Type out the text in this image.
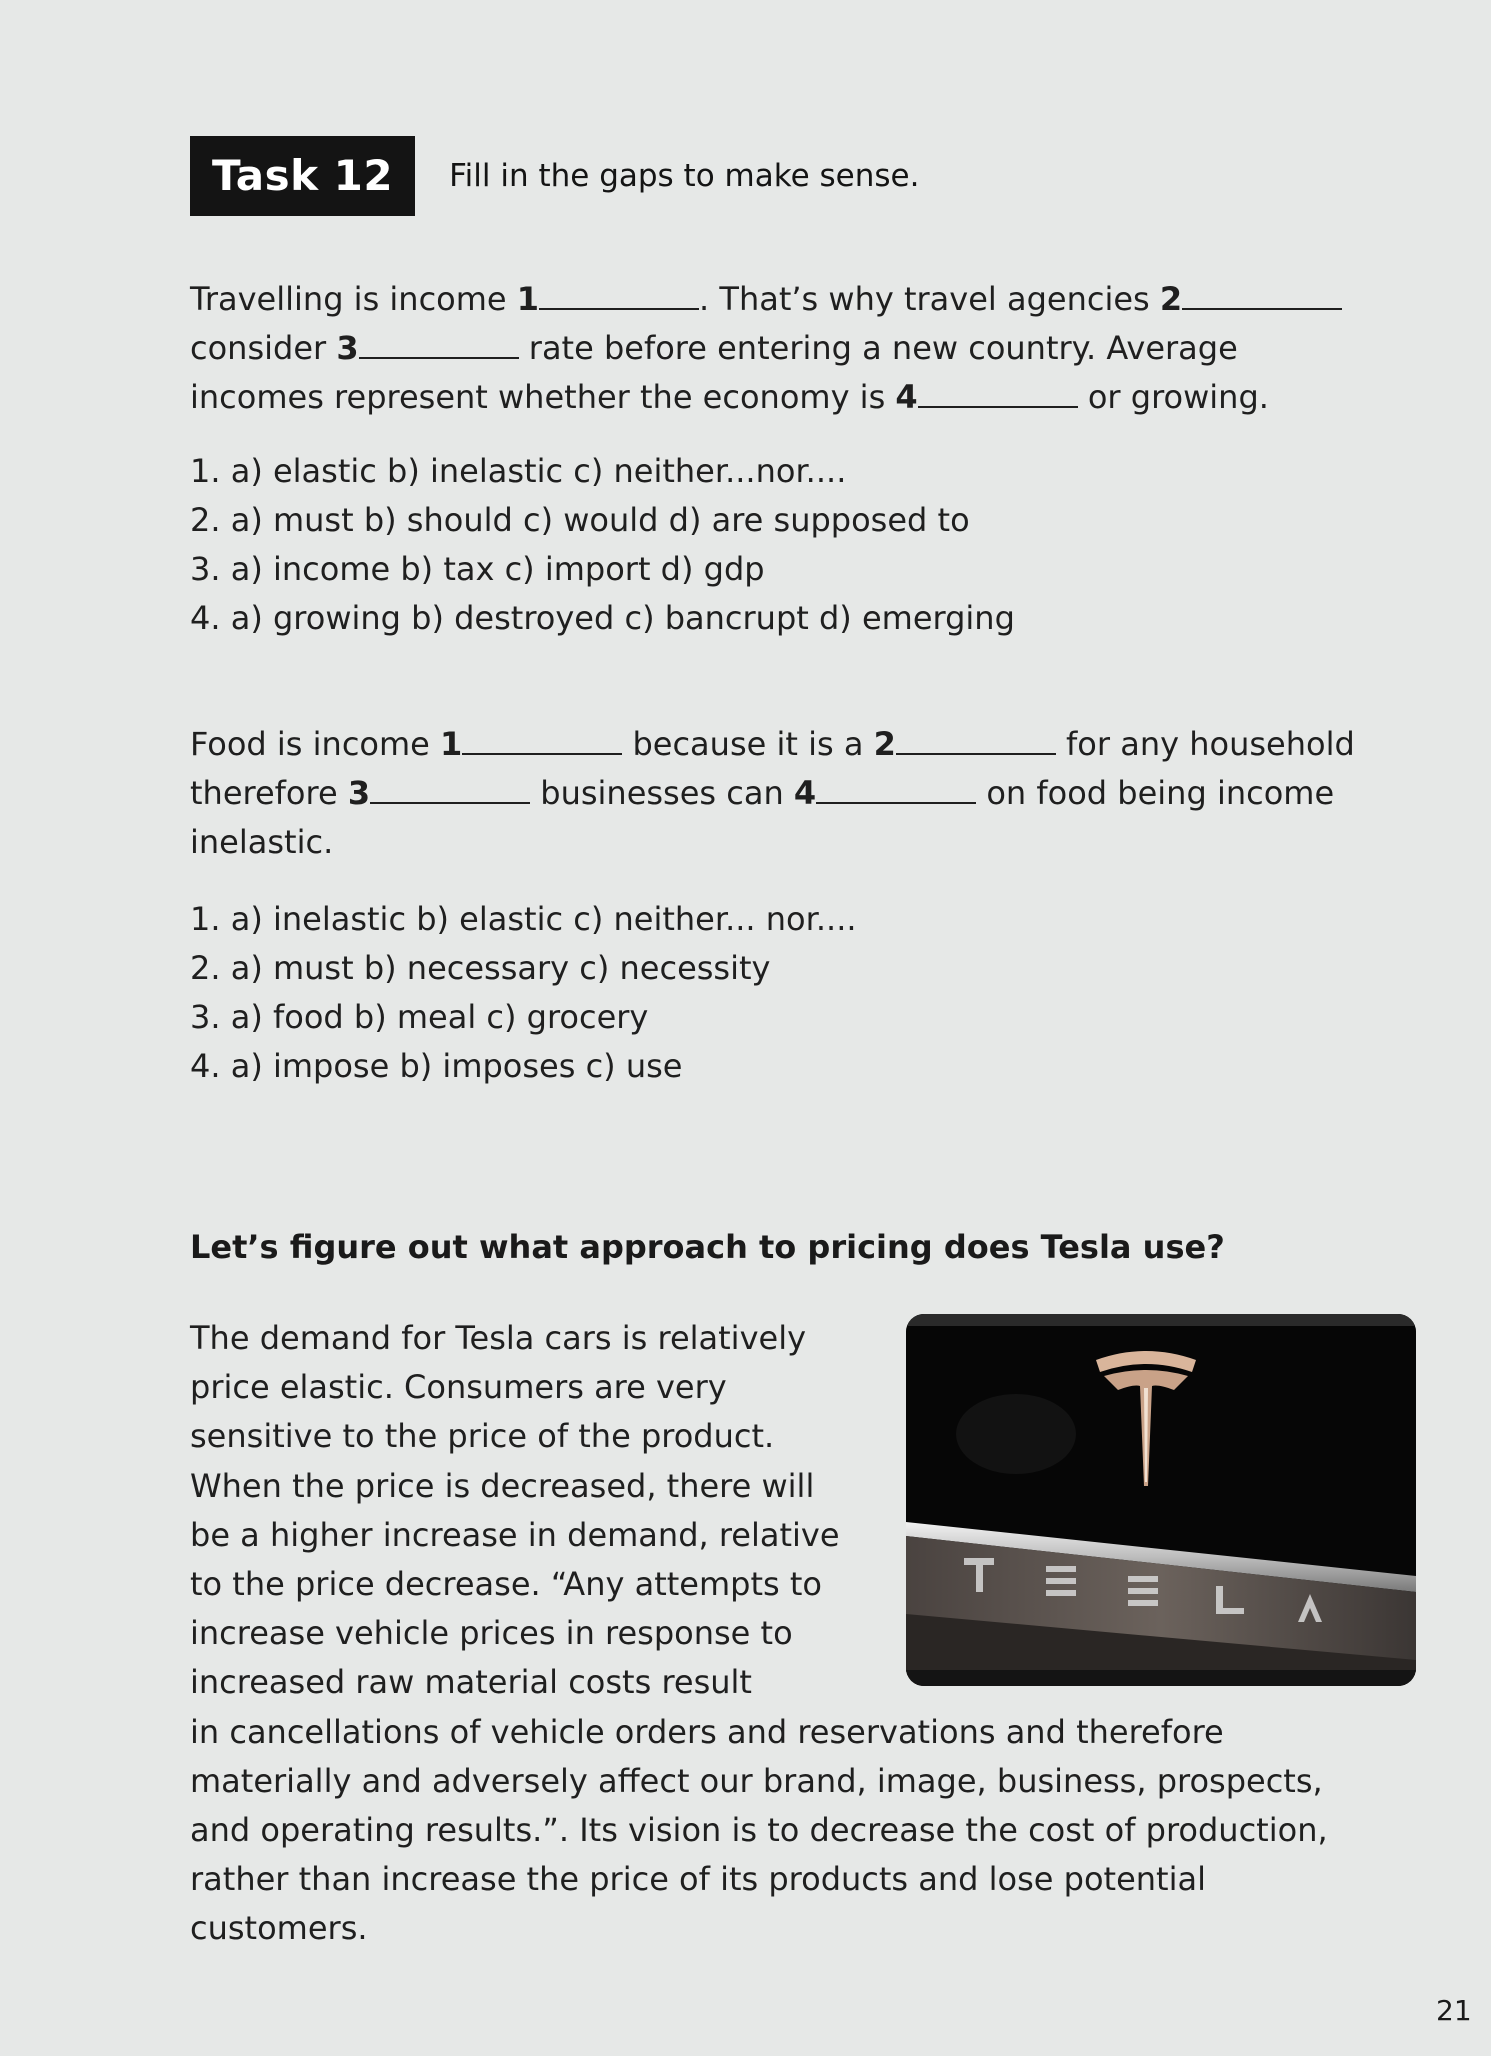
Task 12	Fill in the gaps to make sense.
Travelling is income 1	. That’s why travel agencies 2
consider 3	rate before entering a new country. Average
incomes represent whether the economy is 4	or growing.
1. a) elastic b) inelastic c) neither...nor....
2. a) must b) should c) would d) are supposed to
3. a) income b) tax c) import d) gdp
4. a) growing b) destroyed c) bancrupt d) emerging
Food is income 1	because it is a 2	for any household
therefore 3	businesses can 4	on food being income
inelastic.
1. a) inelastic b) elastic c) neither... nor....
2. a) must b) necessary c) necessity
3. a) food b) meal c) grocery
4. a) impose b) imposes c) use
Let’s figure out what approach to pricing does Tesla use?
The demand for Tesla cars is relatively
price elastic. Consumers are very
sensitive to the price of the product.
When the price is decreased, there will
be a higher increase in demand, relative
to the price decrease. “Any attempts to
increase vehicle prices in response to
increased raw material costs result
in cancellations of vehicle orders and reservations and therefore
materially and adversely affect our brand, image, business, prospects,
and operating results.”. Its vision is to decrease the cost of production,
rather than increase the price of its products and lose potential
customers.
21
